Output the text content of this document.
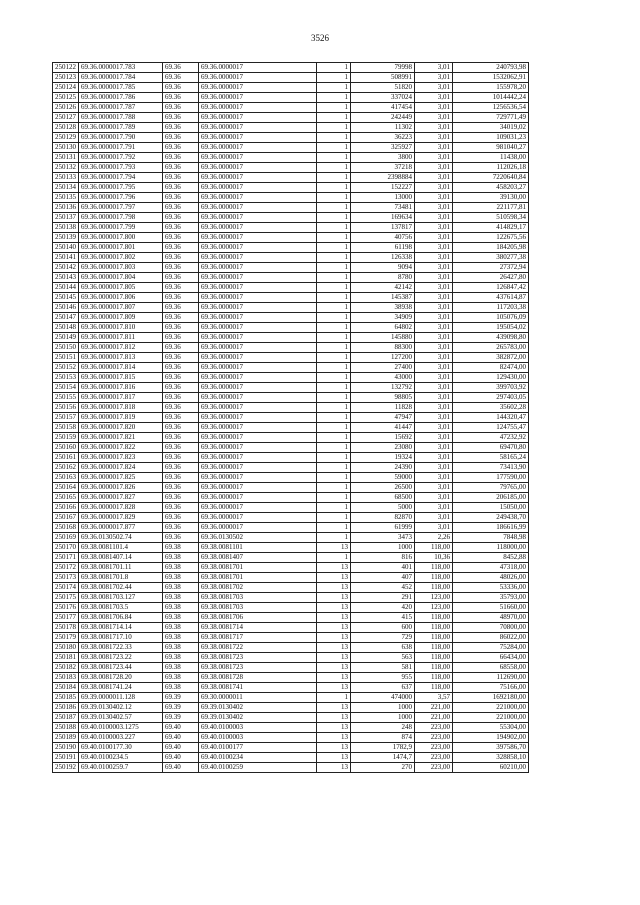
3526
250122	69.36.0000017.783	69.36	69.36.0000017	1	79998	3,01	240793,98
250123	69.36.0000017.784	69.36	69.36.0000017	1	508991	3,01	1532062,91
250124	69.36.0000017.785	69.36	69.36.0000017	1	51820	3,01	155978,20
250125	69.36.0000017.786	69.36	69.36.0000017	1	337024	3,01	1014442,24
250126	69.36.0000017.787	69.36	69.36.0000017	1	417454	3,01	1256536,54
250127	69.36.0000017.788	69.36	69.36.0000017	1	242449	3,01	729771,49
250128	69.36.0000017.789	69.36	69.36.0000017	1	11302	3,01	34019,02
250129	69.36.0000017.790	69.36	69.36.0000017	1	36223	3,01	109031,23
250130	69.36.0000017.791	69.36	69.36.0000017	1	325927	3,01	981040,27
250131	69.36.0000017.792	69.36	69.36.0000017	1	3800	3,01	11438,00
250132	69.36.0000017.793	69.36	69.36.0000017	1	37218	3,01	112026,18
250133	69.36.0000017.794	69.36	69.36.0000017	1	2398884	3,01	7220640,84
250134	69.36.0000017.795	69.36	69.36.0000017	1	152227	3,01	458203,27
250135	69.36.0000017.796	69.36	69.36.0000017	1	13000	3,01	39130,00
250136	69.36.0000017.797	69.36	69.36.0000017	1	73481	3,01	221177,81
250137	69.36.0000017.798	69.36	69.36.0000017	1	169634	3,01	510598,34
250138	69.36.0000017.799	69.36	69.36.0000017	1	137817	3,01	414829,17
250139	69.36.0000017.800	69.36	69.36.0000017	1	40756	3,01	122675,56
250140	69.36.0000017.801	69.36	69.36.0000017	1	61198	3,01	184205,98
250141	69.36.0000017.802	69.36	69.36.0000017	1	126338	3,01	380277,38
250142	69.36.0000017.803	69.36	69.36.0000017	1	9094	3,01	27372,94
250143	69.36.0000017.804	69.36	69.36.0000017	1	8780	3,01	26427,80
250144	69.36.0000017.805	69.36	69.36.0000017	1	42142	3,01	126847,42
250145	69.36.0000017.806	69.36	69.36.0000017	1	145387	3,01	437614,87
250146	69.36.0000017.807	69.36	69.36.0000017	1	38938	3,01	117203,38
250147	69.36.0000017.809	69.36	69.36.0000017	1	34909	3,01	105076,09
250148	69.36.0000017.810	69.36	69.36.0000017	1	64802	3,01	195054,02
250149	69.36.0000017.811	69.36	69.36.0000017	1	145880	3,01	439098,80
250150	69.36.0000017.812	69.36	69.36.0000017	1	88300	3,01	265783,00
250151	69.36.0000017.813	69.36	69.36.0000017	1	127200	3,01	382872,00
250152	69.36.0000017.814	69.36	69.36.0000017	1	27400	3,01	82474,00
250153	69.36.0000017.815	69.36	69.36.0000017	1	43000	3,01	129430,00
250154	69.36.0000017.816	69.36	69.36.0000017	1	132792	3,01	399703,92
250155	69.36.0000017.817	69.36	69.36.0000017	1	98805	3,01	297403,05
250156	69.36.0000017.818	69.36	69.36.0000017	1	11828	3,01	35602,28
250157	69.36.0000017.819	69.36	69.36.0000017	1	47947	3,01	144320,47
250158	69.36.0000017.820	69.36	69.36.0000017	1	41447	3,01	124755,47
250159	69.36.0000017.821	69.36	69.36.0000017	1	15692	3,01	47232,92
250160	69.36.0000017.822	69.36	69.36.0000017	1	23080	3,01	69470,80
250161	69.36.0000017.823	69.36	69.36.0000017	1	19324	3,01	58165,24
250162	69.36.0000017.824	69.36	69.36.0000017	1	24390	3,01	73413,90
250163	69.36.0000017.825	69.36	69.36.0000017	1	59000	3,01	177590,00
250164	69.36.0000017.826	69.36	69.36.0000017	1	26500	3,01	79765,00
250165	69.36.0000017.827	69.36	69.36.0000017	1	68500	3,01	206185,00
250166	69.36.0000017.828	69.36	69.36.0000017	1	5000	3,01	15050,00
250167	69.36.0000017.829	69.36	69.36.0000017	1	82870	3,01	249438,70
250168	69.36.0000017.877	69.36	69.36.0000017	1	61999	3,01	186616,99
250169	69.36.0130502.74	69.36	69.36.0130502	1	3473	2,26	7848,98
250170	69.38.0081101.4	69.38	69.38.0081101	13	1000	118,00	118000,00
250171	69.38.0081407.14	69.38	69.38.0081407	1	816	10,36	8452,88
250172	69.38.0081701.11	69.38	69.38.0081701	13	401	118,00	47318,00
250173	69.38.0081701.8	69.38	69.38.0081701	13	407	118,00	48026,00
250174	69.38.0081702.44	69.38	69.38.0081702	13	452	118,00	53336,00
250175	69.38.0081703.127	69.38	69.38.0081703	13	291	123,00	35793,00
250176	69.38.0081703.5	69.38	69.38.0081703	13	420	123,00	51660,00
250177	69.38.0081706.84	69.38	69.38.0081706	13	415	118,00	48970,00
250178	69.38.0081714.14	69.38	69.38.0081714	13	600	118,00	70800,00
250179	69.38.0081717.10	69.38	69.38.0081717	13	729	118,00	86022,00
250180	69.38.0081722.33	69.38	69.38.0081722	13	638	118,00	75284,00
250181	69.38.0081723.22	69.38	69.38.0081723	13	563	118,00	66434,00
250182	69.38.0081723.44	69.38	69.38.0081723	13	581	118,00	68558,00
250183	69.38.0081728.20	69.38	69.38.0081728	13	955	118,00	112690,00
250184	69.38.0081741.24	69.38	69.38.0081741	13	637	118,00	75166,00
250185	69.39.0000011.128	69.39	69.30.0000011	1	474000	3,57	1692180,00
250186	69.39.0130402.12	69.39	69.39.0130402	13	1000	221,00	221000,00
250187	69.39.0130402.57	69.39	69.39.0130402	13	1000	221,00	221000,00
250188	69.40.0100003.1275	69.40	69.40.0100003	13	248	223,00	55304,00
250189	69.40.0100003.227	69.40	69.40.0100003	13	874	223,00	194902,00
250190	69.40.0100177.30	69.40	69.40.0100177	13	1782,9	223,00	397586,70
250191	69.40.0100234.5	69.40	69.40.0100234	13	1474,7	223,00	328858,10
250192	69.40.0100259.7	69.40	69.40.0100259	13	270	223,00	60210,00
